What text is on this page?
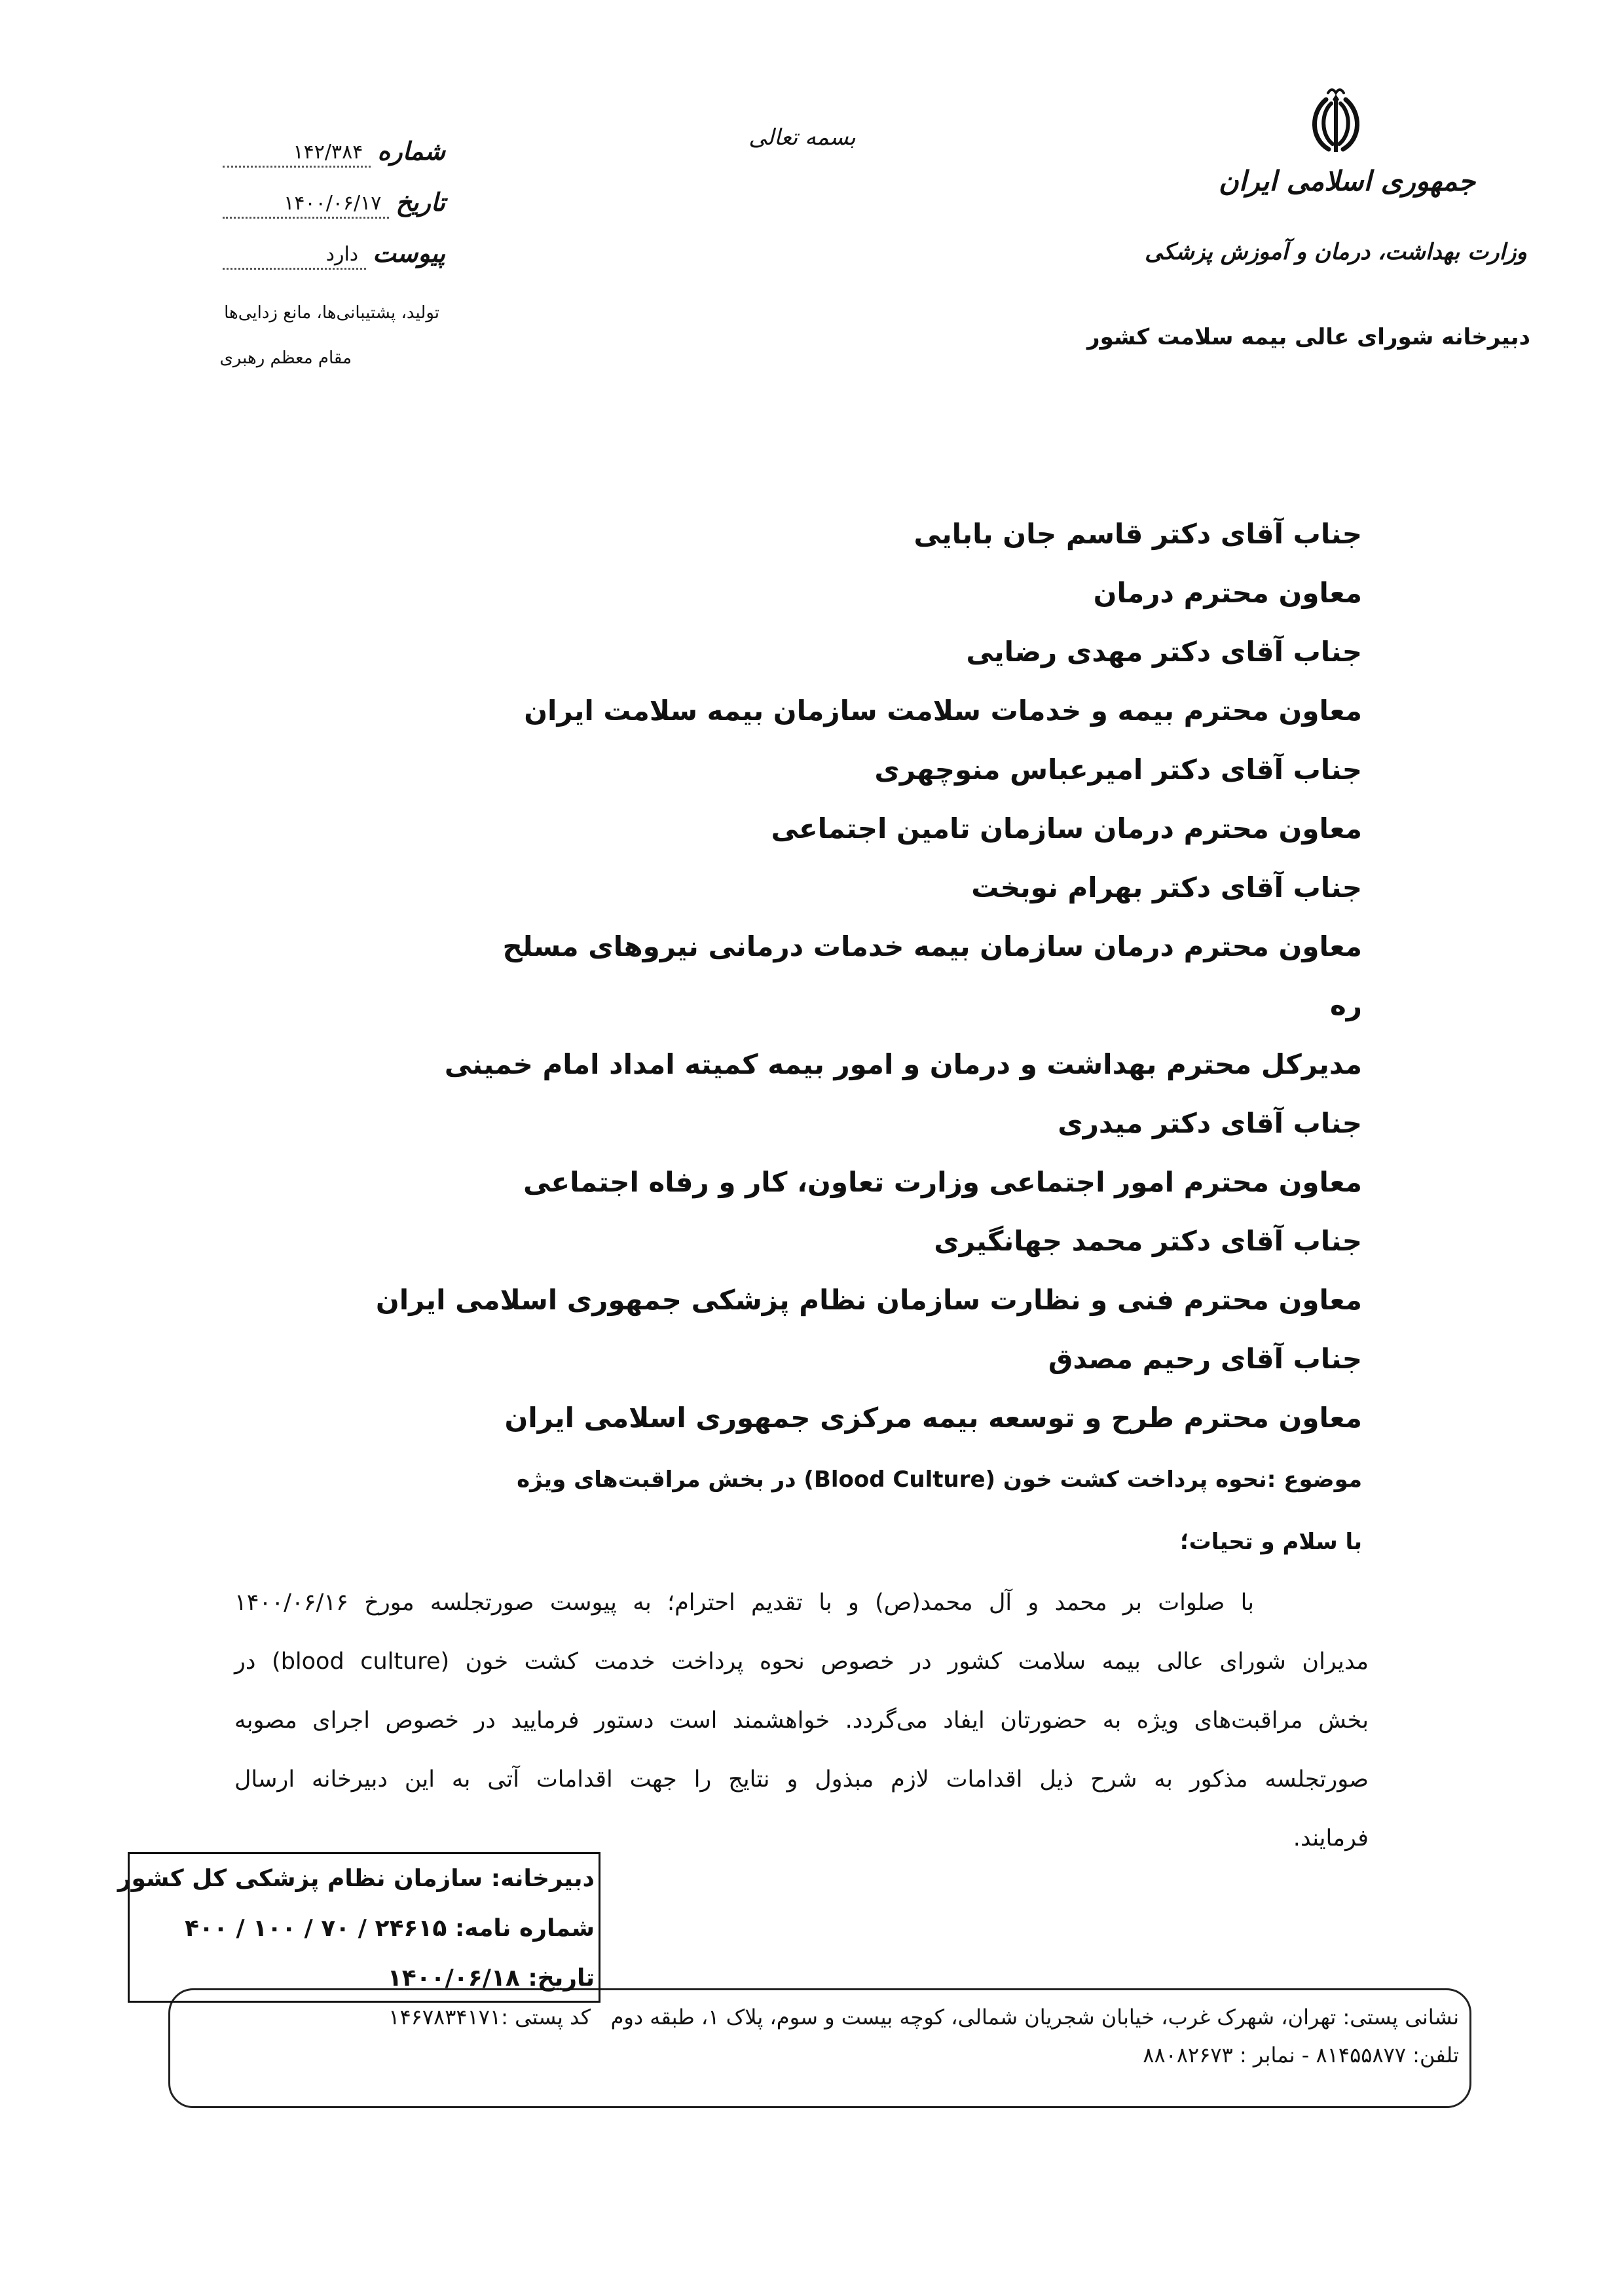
بسمه تعالی
جمهوری اسلامی ایران
وزارت بهداشت، درمان و آموزش پزشکی
دبیرخانه شورای عالی بیمه سلامت کشور
شماره
۱۴۲/۳۸۴
تاریخ
۱۴۰۰/۰۶/۱۷
پیوست
دارد
تولید، پشتیبانی‌ها، مانع زدایی‌ها
مقام معظم رهبری
جناب آقای دکتر قاسم جان بابایی
معاون محترم درمان
جناب آقای دکتر مهدی رضایی
معاون محترم بیمه و خدمات سلامت سازمان بیمه سلامت ایران
جناب آقای دکتر امیرعباس منوچهری
معاون محترم درمان سازمان تامین اجتماعی
جناب آقای دکتر بهرام نوبخت
معاون محترم درمان سازمان بیمه خدمات درمانی نیروهای مسلح
ره
مدیرکل محترم بهداشت و درمان و امور بیمه کمیته امداد امام خمینی
جناب آقای دکتر میدری
معاون محترم امور اجتماعی وزارت تعاون، کار و رفاه اجتماعی
جناب آقای دکتر محمد جهانگیری
معاون محترم فنی و نظارت سازمان نظام پزشکی جمهوری اسلامی ایران
جناب آقای رحیم مصدق
معاون محترم طرح و توسعه بیمه مرکزی جمهوری اسلامی ایران
موضوع :نحوه پرداخت کشت خون (Blood Culture) در بخش مراقبت‌های ویژه
با سلام و تحیات؛
با صلوات بر محمد و آل محمد(ص) و با تقدیم احترام؛ به پیوست صورتجلسه مورخ ۱۴۰۰/۰۶/۱۶
مدیران شورای عالی بیمه سلامت کشور در خصوص نحوه پرداخت خدمت کشت خون (blood culture) در
بخش مراقبت‌های ویژه به حضورتان ایفاد می‌گردد. خواهشمند است دستور فرمایید در خصوص اجرای مصوبه
صورتجلسه مذکور به شرح ذیل اقدامات لازم مبذول و نتایج را جهت اقدامات آتی به این دبیرخانه ارسال
فرمایند.
نشانی پستی: تهران، شهرک غرب، خیابان شجریان شمالی، کوچه بیست و سوم، پلاک ۱، طبقه دوم   کد پستی :۱۴۶۷۸۳۴۱۷۱
تلفن: ۸۱۴۵۵۸۷۷ - نمابر : ۸۸۰۸۲۶۷۳
دبیرخانه: سازمان نظام پزشکی کل کشور
شماره نامه: ۲۴۶۱۵ / ۷۰ / ۱۰۰ / ۴۰۰
تاریخ: ۱۴۰۰/۰۶/۱۸
